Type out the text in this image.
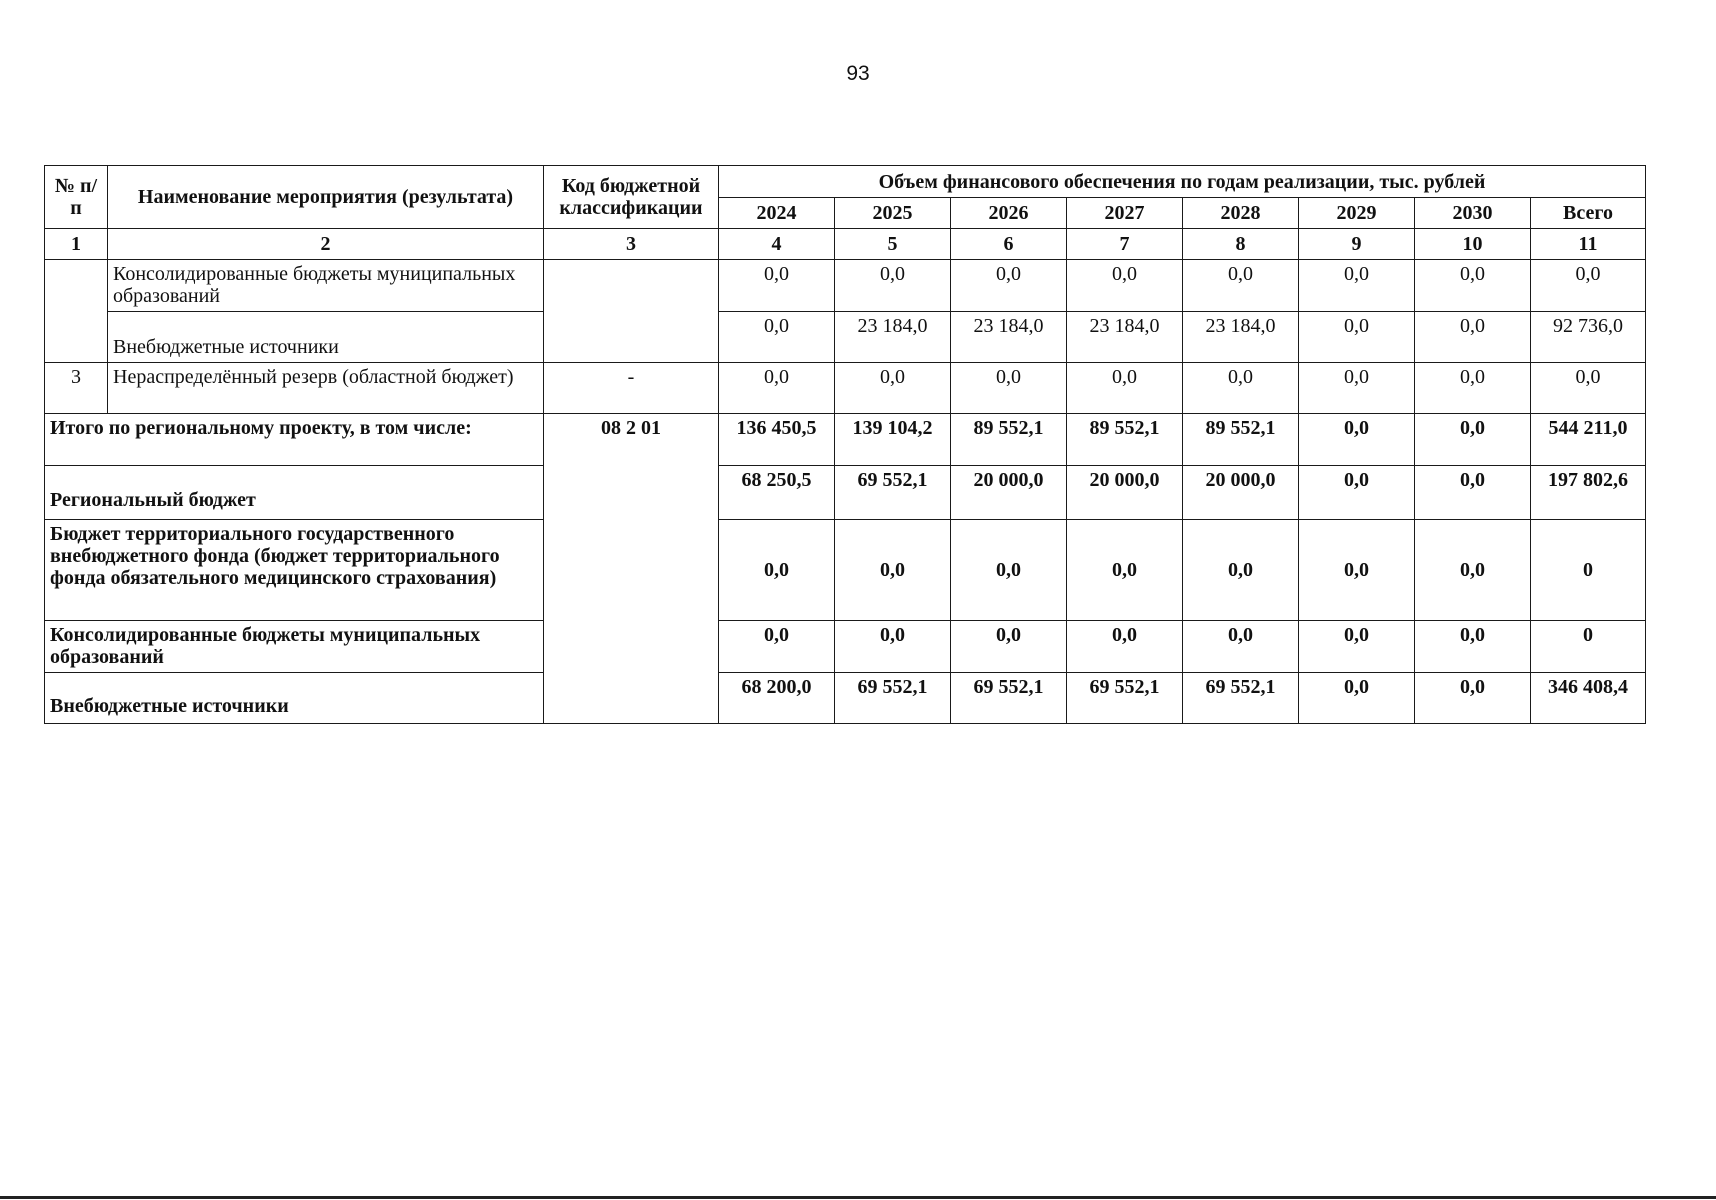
93
№ п/п	Наименование мероприятия (результата)	Код бюджетной классификации	Объем финансового обеспечения по годам реализации, тыс. рублей							
			2024	2025	2026	2027	2028	2029	2030	Всего
1	2	3	4	5	6	7	8	9	10	11
	Консолидированные бюджеты муниципальных образований		0,0	0,0	0,0	0,0	0,0	0,0	0,0	0,0
	Внебюджетные источники		0,0	23 184,0	23 184,0	23 184,0	23 184,0	0,0	0,0	92 736,0
3	Нераспределённый резерв (областной бюджет)	-	0,0	0,0	0,0	0,0	0,0	0,0	0,0	0,0
Итого по региональному проекту, в том числе:		08 2 01	136 450,5	139 104,2	89 552,1	89 552,1	89 552,1	0,0	0,0	544 211,0
Региональный бюджет			68 250,5	69 552,1	20 000,0	20 000,0	20 000,0	0,0	0,0	197 802,6
Бюджет территориального государственного внебюджетного фонда (бюджет территориального фонда обязательного медицинского страхования)			0,0	0,0	0,0	0,0	0,0	0,0	0,0	0
Консолидированные бюджеты муниципальных образований			0,0	0,0	0,0	0,0	0,0	0,0	0,0	0
Внебюджетные источники			68 200,0	69 552,1	69 552,1	69 552,1	69 552,1	0,0	0,0	346 408,4
